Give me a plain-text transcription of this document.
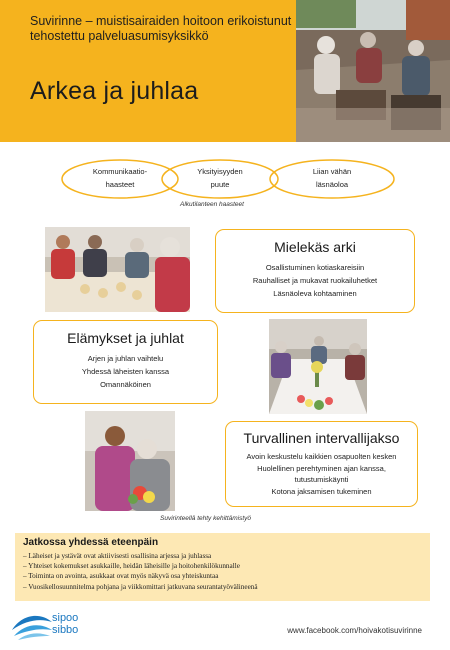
Suvirinne – muistisairaiden hoitoon erikoistunut tehostettu palveluasumisyksikkö
Arkea ja juhlaa
Kommunikaatio-
haasteet
Yksityisyyden
puute
Liian vähän
läsnäoloa
Alkutilanteen haasteet
Mielekäs arki
Osallistuminen kotiaskareisiin
Rauhalliset ja mukavat ruokailuhetket
Läsnäoleva kohtaaminen
Elämykset ja juhlat
Arjen ja juhlan vaihtelu
Yhdessä läheisten kanssa
Omannäköinen
Turvallinen intervallijakso
Avoin keskustelu kaikkien osapuolten kesken
Huolellinen perehtyminen ajan kanssa,
tutustumiskäynti
Kotona jaksamisen tukeminen
Suvirinteellä tehty kehittämistyö
Jatkossa yhdessä eteenpäin
– Läheiset ja ystävät ovat aktiivisesti osallisina arjessa ja juhlassa
– Yhteiset kokemukset asukkaille, heidän läheisille ja hoitohenkilökunnalle
– Toiminta on avointa, asukkaat ovat myös näkyvä osa yhteiskuntaa
– Vuosikellosuunnitelma pohjana ja viikkomittari jatkuvana seurantatyövälineenä
sipoo
sibbo	www.facebook.com/hoivakotisuvirinne
